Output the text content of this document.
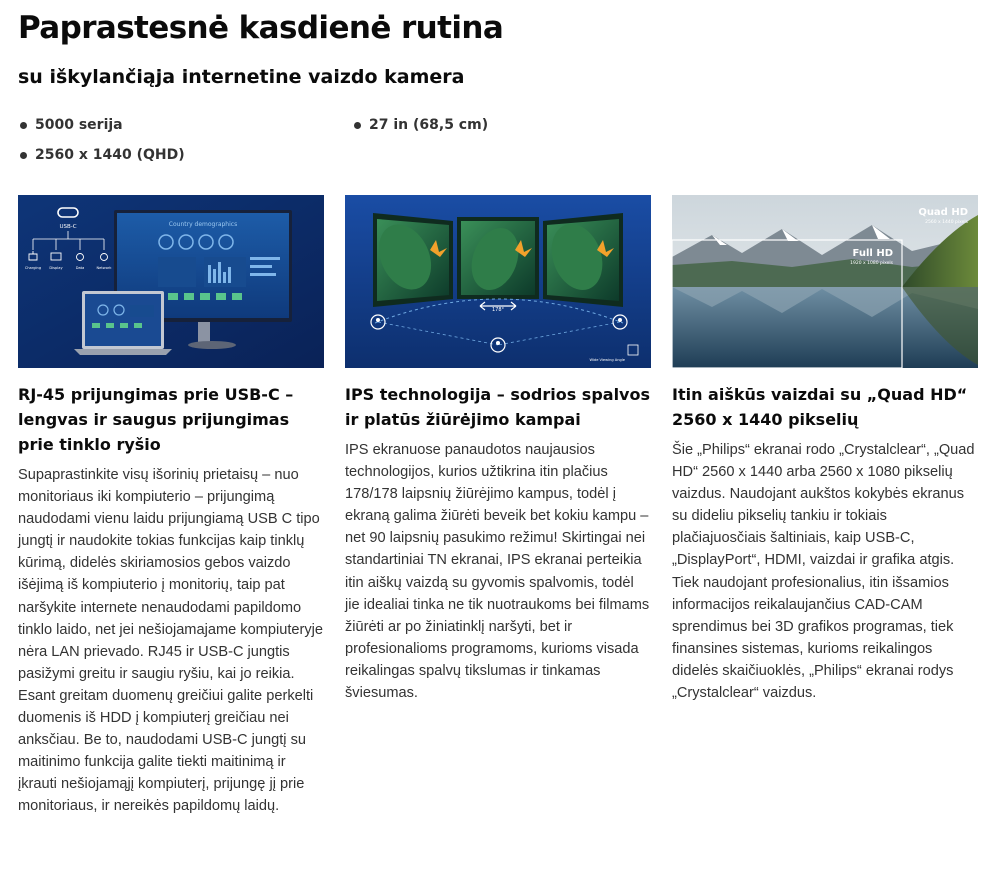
Paprastesnė kasdienė rutina
su iškylančiąja internetine vaizdo kamera
5000 serija	27 in (68,5 cm)
2560 x 1440 (QHD)
USB-C
Charging Display	Data	Network
Country demographics
RJ-45 prijungimas prie USB-C – lengvas ir saugus prijungimas prie tinklo ryšio
Supaprastinkite visų išorinių prietaisų – nuo monitoriaus iki kompiuterio – prijungimą naudodami vienu laidu prijungiamą USB C tipo jungtį ir naudokite tokias funkcijas kaip tinklų kūrimą, didelės skiriamosios gebos vaizdo išėjimą iš kompiuterio į monitorių, taip pat naršykite internete nenaudodami papildomo tinklo laido, net jei nešiojamajame kompiuteryje nėra LAN prievado. RJ45 ir USB-C jungtis pasižymi greitu ir saugiu ryšiu, kai jo reikia. Esant greitam duomenų greičiui galite perkelti duomenis iš HDD į kompiuterį greičiau nei anksčiau. Be to, naudodami USB-C jungtį su maitinimo funkcija galite tiekti maitinimą ir įkrauti nešiojamąjį kompiuterį, prijungę jį prie monitoriaus, ir nereikės papildomų laidų.
178°
Wide Viewing Angle
IPS technologija – sodrios spalvos ir platūs žiūrėjimo kampai
IPS ekranuose panaudotos naujausios technologijos, kurios užtikrina itin plačius 178/178 laipsnių žiūrėjimo kampus, todėl į ekraną galima žiūrėti beveik bet kokiu kampu – net 90 laipsnių pasukimo režimu! Skirtingai nei standartiniai TN ekranai, IPS ekranai perteikia itin aiškų vaizdą su gyvomis spalvomis, todėl jie idealiai tinka ne tik nuotraukoms bei filmams žiūrėti ar po žiniatinklį naršyti, bet ir profesionalioms programoms, kurioms visada reikalingas spalvų tikslumas ir tinkamas šviesumas.
Quad HD
2560 x 1440 pixels
Full HD
1920 x 1080 pixels
Itin aiškūs vaizdai su „Quad HD“ 2560 x 1440 pikselių
Šie „Philips“ ekranai rodo „Crystalclear“, „Quad HD“ 2560 x 1440 arba 2560 x 1080 pikselių vaizdus. Naudojant aukštos kokybės ekranus su dideliu pikselių tankiu ir tokiais plačiajuosčiais šaltiniais, kaip USB-C, „DisplayPort“, HDMI, vaizdai ir grafika atgis. Tiek naudojant profesionalius, itin išsamios informacijos reikalaujančius CAD-CAM sprendimus bei 3D grafikos programas, tiek finansines sistemas, kurioms reikalingos didelės skaičiuoklės, „Philips“ ekranai rodys „Crystalclear“ vaizdus.
